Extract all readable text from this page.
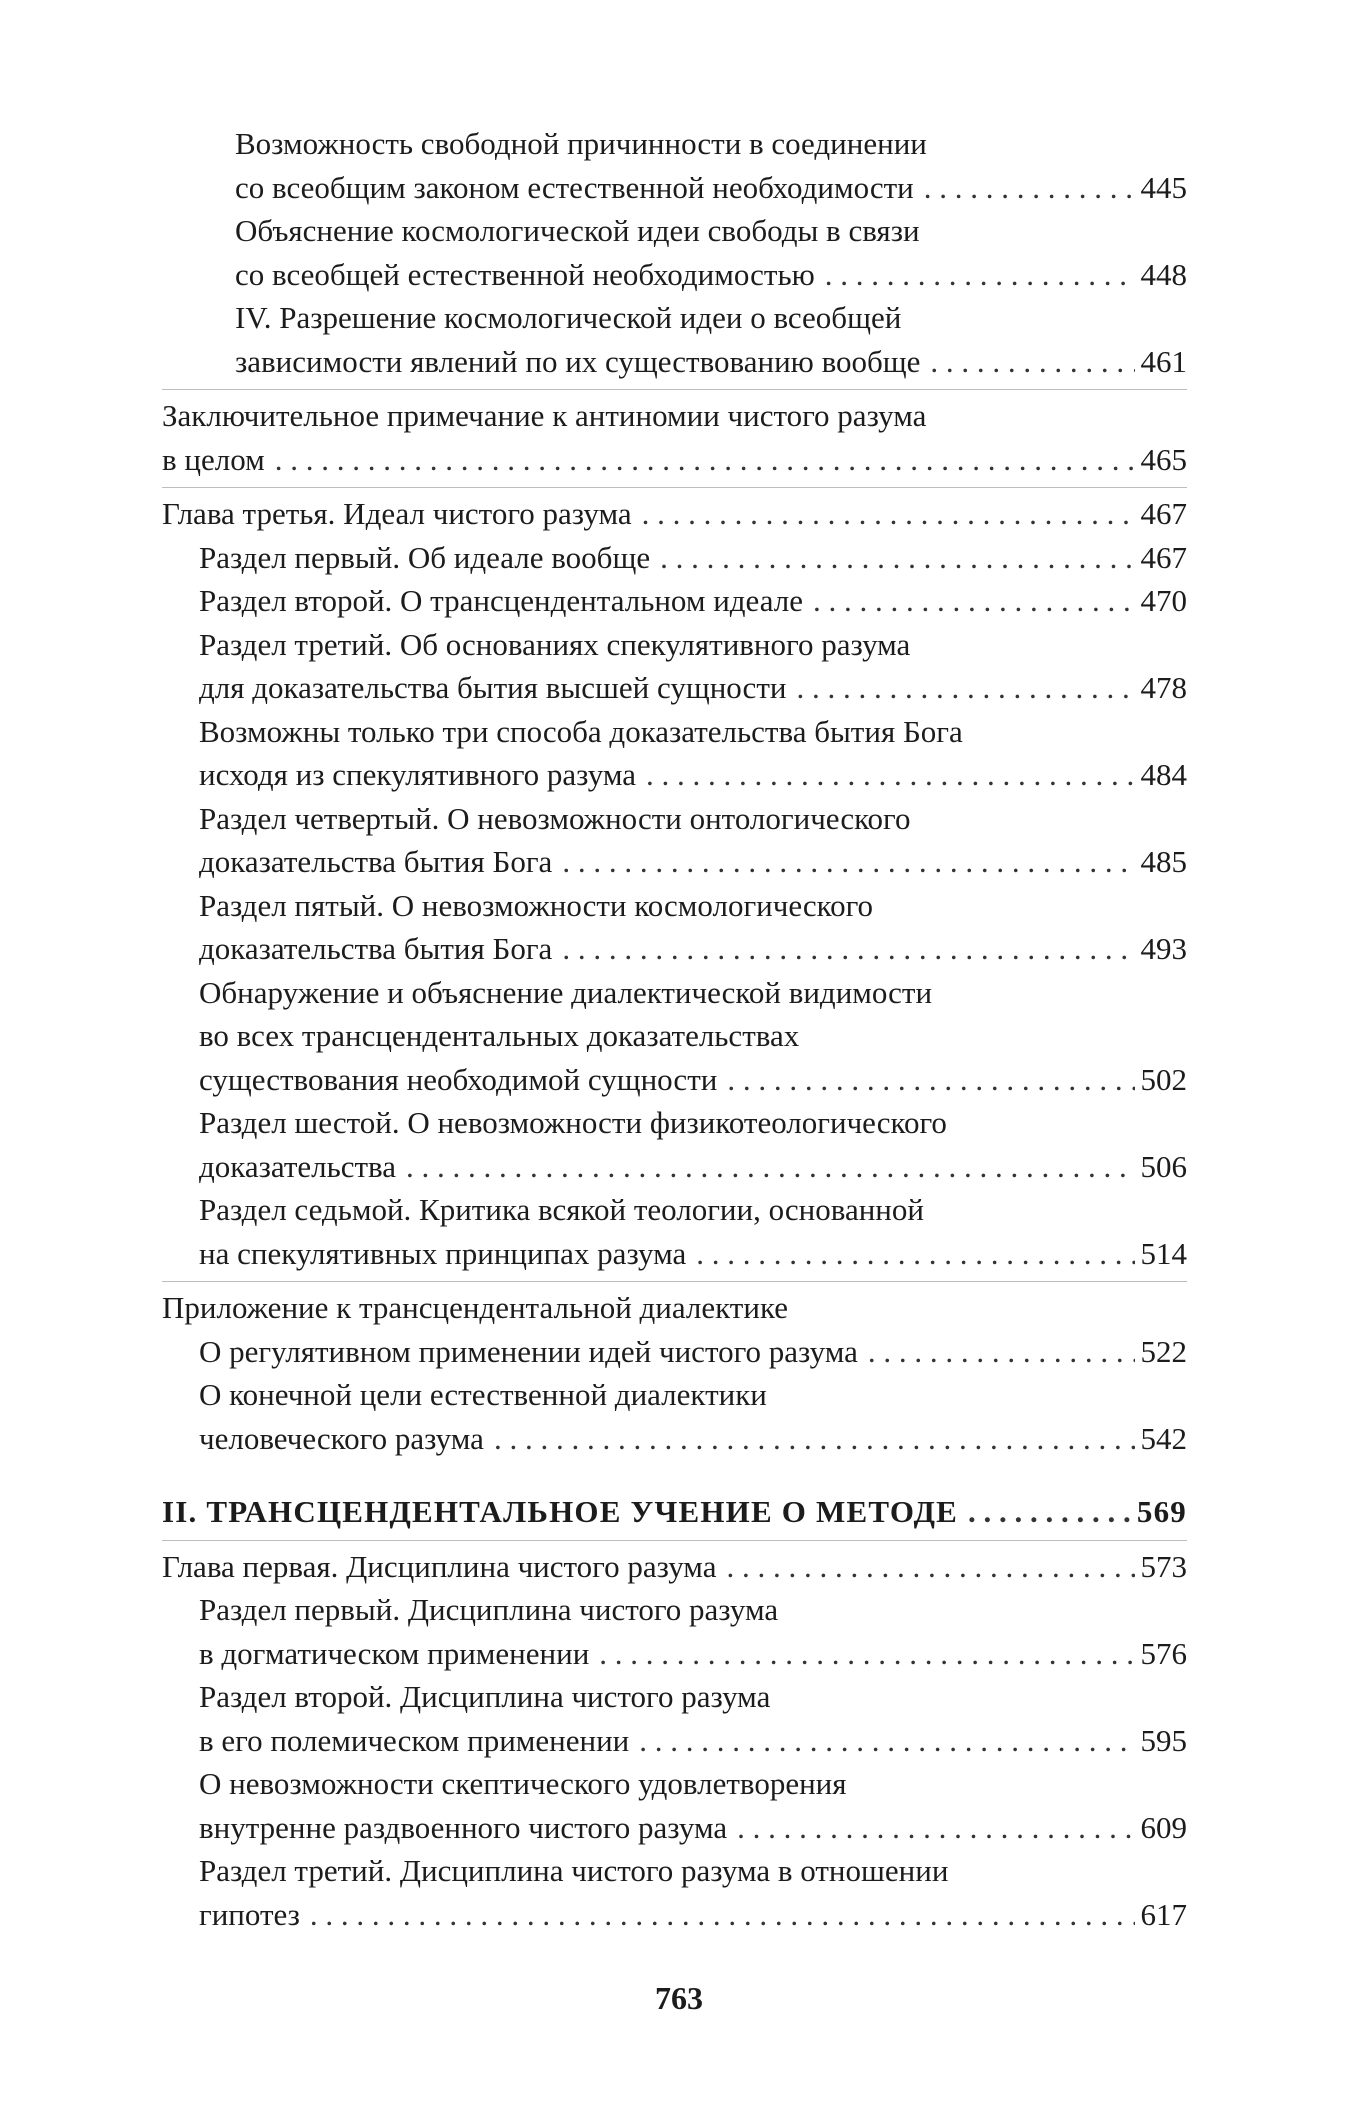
Возможность свободной причинности в соединении
со всеобщим законом естественной необходимости . . .	445
Объяснение космологической идеи свободы в связи
со всеобщей естественной необходимостью . . .	448
IV. Разрешение космологической идеи о всеобщей
зависимости явлений по их существованию вообще . . .	461
Заключительное примечание к антиномии чистого разума
в целом . . .	465
Глава третья. Идеал чистого разума . . .	467
Раздел первый. Об идеале вообще . . .	467
Раздел второй. О трансцендентальном идеале . . .	470
Раздел третий. Об основаниях спекулятивного разума
для доказательства бытия высшей сущности . . .	478
Возможны только три способа доказательства бытия Бога
исходя из спекулятивного разума . . .	484
Раздел четвертый. О невозможности онтологического
доказательства бытия Бога . . .	485
Раздел пятый. О невозможности космологического
доказательства бытия Бога . . .	493
Обнаружение и объяснение диалектической видимости
во всех трансцендентальных доказательствах
существования необходимой сущности . . .	502
Раздел шестой. О невозможности физикотеологического
доказательства . . .	506
Раздел седьмой. Критика всякой теологии, основанной
на спекулятивных принципах разума . . .	514
Приложение к трансцендентальной диалектике
О регулятивном применении идей чистого разума . . .	522
О конечной цели естественной диалектики
человеческого разума . . .	542
II. ТРАНСЦЕНДЕНТАЛЬНОЕ УЧЕНИЕ О МЕТОДЕ . . .	569
Глава первая. Дисциплина чистого разума . . .	573
Раздел первый. Дисциплина чистого разума
в догматическом применении . . .	576
Раздел второй. Дисциплина чистого разума
в его полемическом применении . . .	595
О невозможности скептического удовлетворения
внутренне раздвоенного чистого разума . . .	609
Раздел третий. Дисциплина чистого разума в отношении
гипотез . . .	617
763
